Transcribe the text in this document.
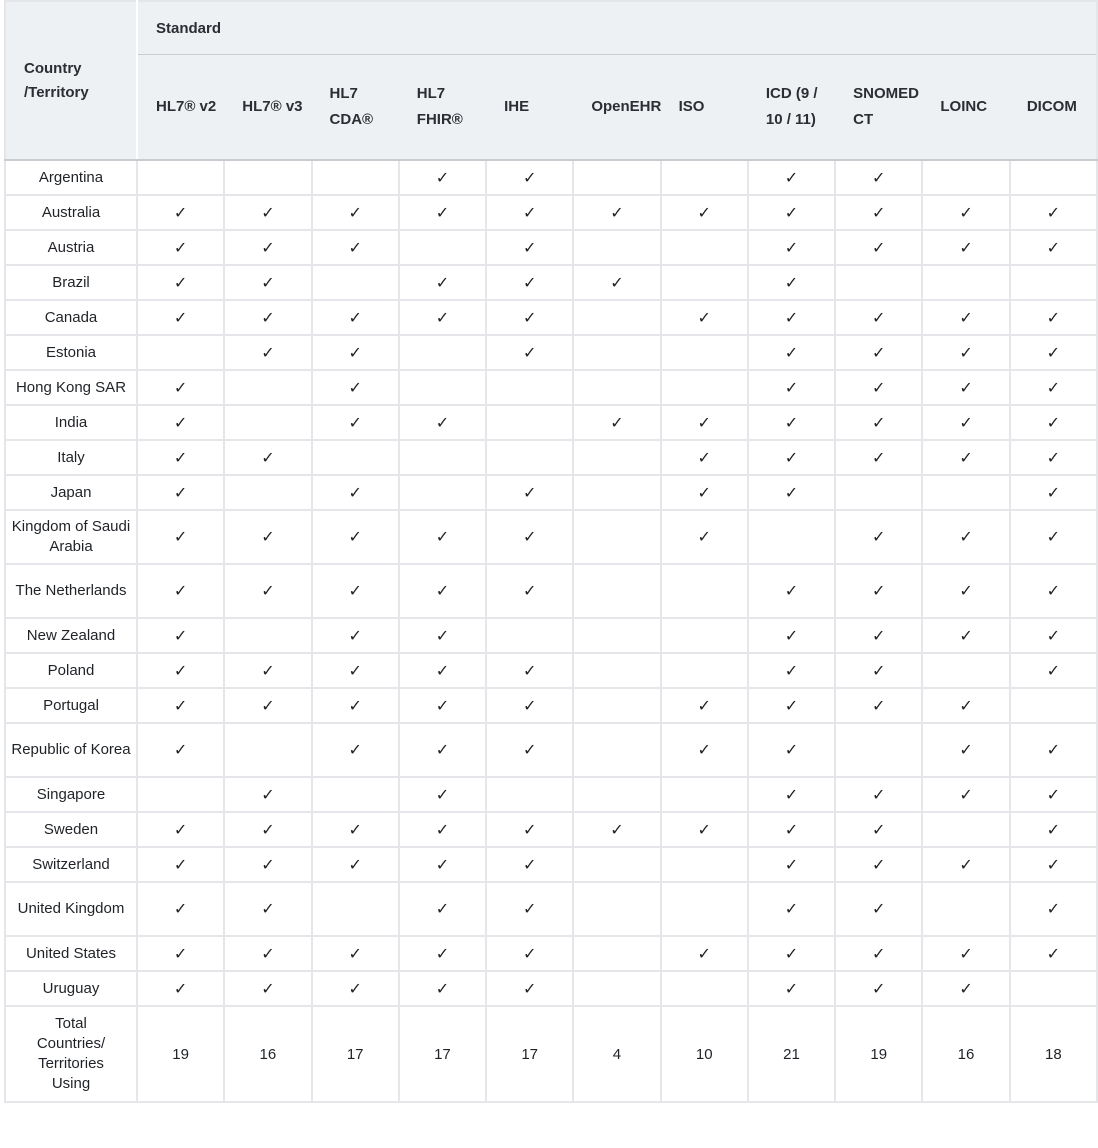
Country /Territory	Standard										
	HL7® v2	HL7® v3	HL7 CDA®	HL7 FHIR®	IHE	OpenEHR	ISO	ICD (9 / 10 / 11)	SNOMED CT	LOINC	DICOM
Argentina				✓	✓			✓	✓		
Australia	✓	✓	✓	✓	✓	✓	✓	✓	✓	✓	✓
Austria	✓	✓	✓		✓			✓	✓	✓	✓
Brazil	✓	✓		✓	✓	✓		✓			
Canada	✓	✓	✓	✓	✓		✓	✓	✓	✓	✓
Estonia		✓	✓		✓			✓	✓	✓	✓
Hong Kong SAR	✓		✓					✓	✓	✓	✓
India	✓		✓	✓		✓	✓	✓	✓	✓	✓
Italy	✓	✓					✓	✓	✓	✓	✓
Japan	✓		✓		✓		✓	✓			✓
Kingdom of Saudi Arabia	✓	✓	✓	✓	✓		✓		✓	✓	✓
The Netherlands	✓	✓	✓	✓	✓			✓	✓	✓	✓
New Zealand	✓		✓	✓				✓	✓	✓	✓
Poland	✓	✓	✓	✓	✓			✓	✓		✓
Portugal	✓	✓	✓	✓	✓		✓	✓	✓	✓	
Republic of Korea	✓		✓	✓	✓		✓	✓		✓	✓
Singapore		✓		✓				✓	✓	✓	✓
Sweden	✓	✓	✓	✓	✓	✓	✓	✓	✓		✓
Switzerland	✓	✓	✓	✓	✓			✓	✓	✓	✓
United Kingdom	✓	✓		✓	✓			✓	✓		✓
United States	✓	✓	✓	✓	✓		✓	✓	✓	✓	✓
Uruguay	✓	✓	✓	✓	✓			✓	✓	✓	
Total Countries/ Territories Using	19	16	17	17	17	4	10	21	19	16	18
